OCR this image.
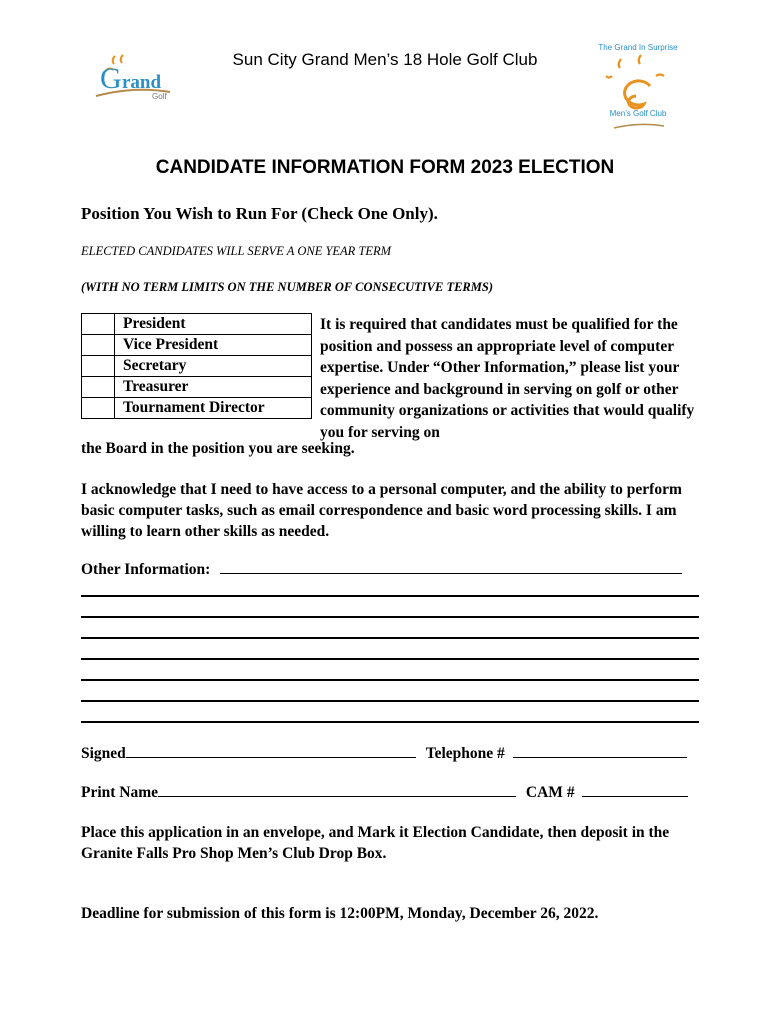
Sun City Grand Men’s 18 Hole Golf Club
G rand
Golf
The Grand In Surprise
Men’s Golf Club
CANDIDATE INFORMATION FORM 2023 ELECTION
Position You Wish to Run For (Check One Only).
ELECTED CANDIDATES WILL SERVE A ONE YEAR TERM
(WITH NO TERM LIMITS ON THE NUMBER OF CONSECUTIVE TERMS)
	President
	Vice President
	Secretary
	Treasurer
	Tournament Director
It is required that candidates must be qualified for the position and possess an appropriate level of computer expertise. Under “Other Information,” please list your experience and background in serving on golf or other community organizations or activities that would qualify you for serving on
the Board in the position you are seeking.
I acknowledge that I need to have access to a personal computer, and the ability to perform basic computer tasks, such as email correspondence and basic word processing skills. I am willing to learn other skills as needed.
Other Information:
Signed	Telephone #
Print Name	CAM #
Place this application in an envelope, and Mark it Election Candidate, then deposit in the Granite Falls Pro Shop Men’s Club Drop Box.
Deadline for submission of this form is 12:00PM, Monday, December 26, 2022.
